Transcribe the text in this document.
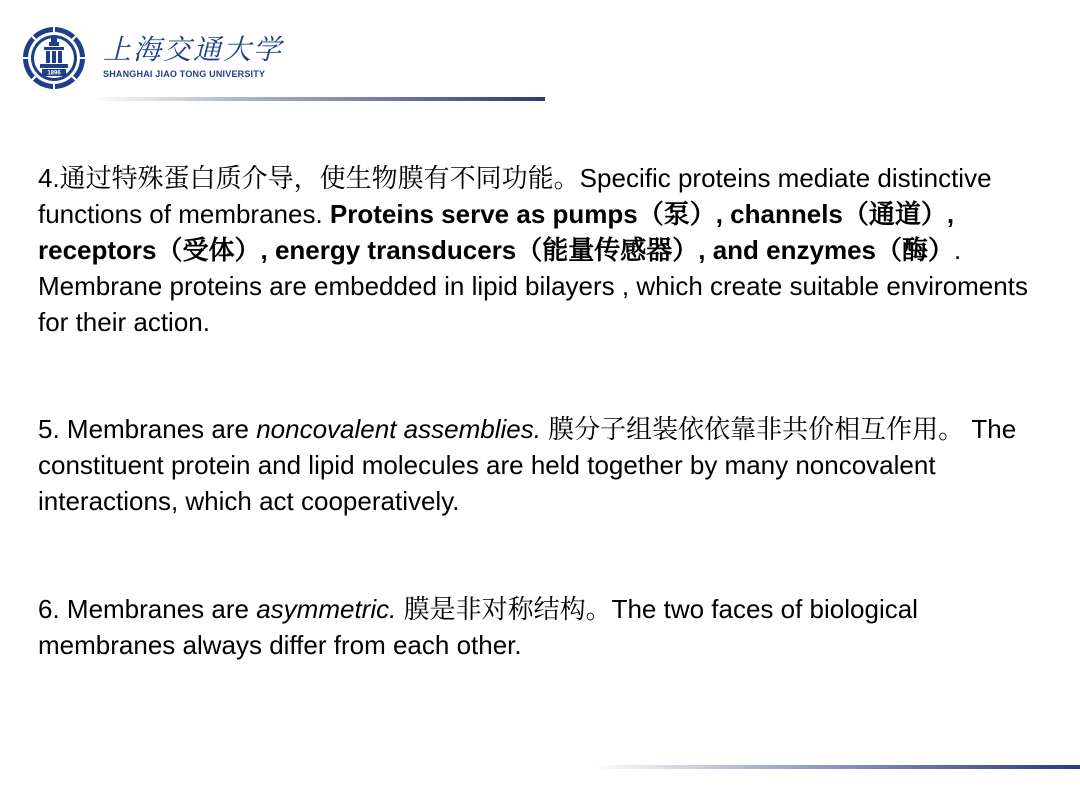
1896
上海交通大学
SHANGHAI JIAO TONG UNIVERSITY
4.通过特殊蛋白质介导，使生物膜有不同功能。Specific proteins mediate distinctive functions of membranes. Proteins serve as pumps（泵）, channels（通道）, receptors（受体）, energy transducers（能量传感器）, and enzymes（酶）. Membrane proteins are embedded in lipid bilayers , which create suitable enviroments for their action.
5. Membranes are noncovalent assemblies. 膜分子组装依依靠非共价相互作用。 The constituent protein and lipid molecules are held together by many noncovalent interactions, which act cooperatively.
6. Membranes are asymmetric. 膜是非对称结构。The two faces of biological membranes always differ from each other.
